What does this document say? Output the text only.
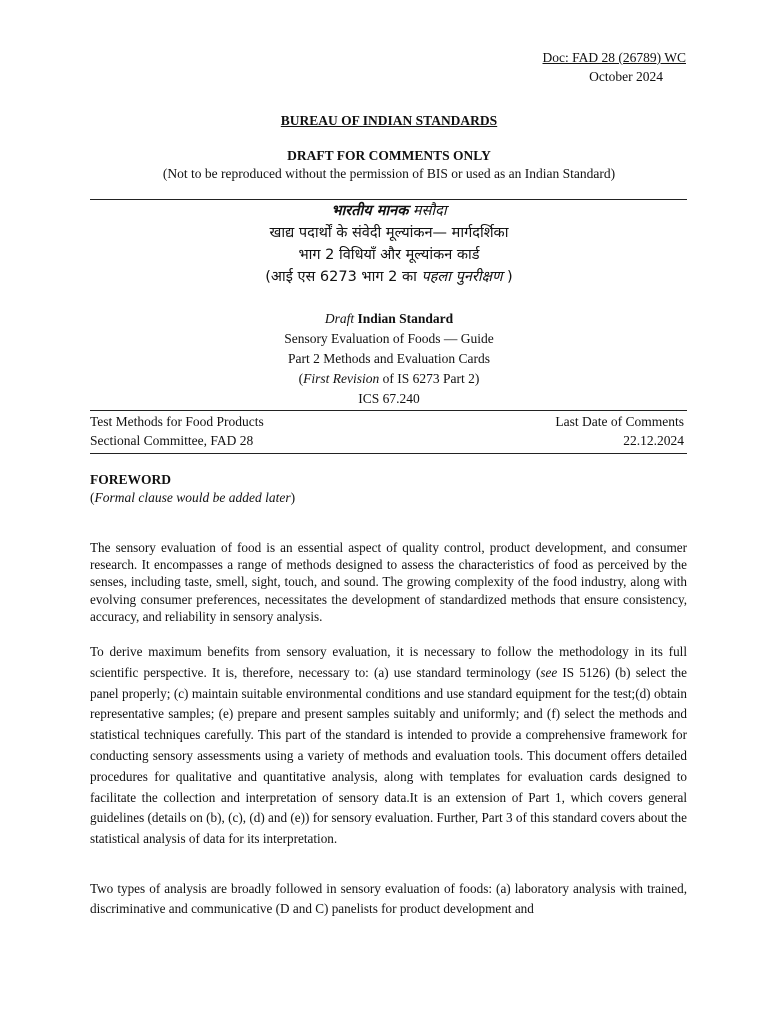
Doc: FAD 28 (26789) WC
October 2024
BUREAU OF INDIAN STANDARDS
DRAFT FOR COMMENTS ONLY
(Not to be reproduced without the permission of BIS or used as an Indian Standard)
भारतीय मानक मसौदा
खाद्य पदार्थों के संवेदी मूल्यांकन— मार्गदर्शिका
भाग 2 विधियाँ और मूल्यांकन कार्ड
(आई एस 6273 भाग 2 का पहला पुनरीक्षण )
Draft Indian Standard
Sensory Evaluation of Foods — Guide
Part 2 Methods and Evaluation Cards
(First Revision of IS 6273 Part 2)
ICS 67.240
Test Methods for Food Products
Sectional Committee, FAD 28
Last Date of Comments
22.12.2024
FOREWORD
(Formal clause would be added later)

The sensory evaluation of food is an essential aspect of quality control, product development, and consumer research. It encompasses a range of methods designed to assess the characteristics of food as perceived by the senses, including taste, smell, sight, touch, and sound. The growing complexity of the food industry, along with evolving consumer preferences, necessitates the development of standardized methods that ensure consistency, accuracy, and reliability in sensory analysis.

To derive maximum benefits from sensory evaluation, it is necessary to follow the methodology in its full scientific perspective. It is, therefore, necessary to: (a) use standard terminology (see IS 5126) (b) select the panel properly; (c) maintain suitable environmental conditions and use standard equipment for the test;(d) obtain representative samples; (e) prepare and present samples suitably and uniformly; and (f) select the methods and statistical techniques carefully. This part of the standard is intended to provide a comprehensive framework for conducting sensory assessments using a variety of methods and evaluation tools. This document offers detailed procedures for qualitative and quantitative analysis, along with templates for evaluation cards designed to facilitate the collection and interpretation of sensory data.It is an extension of Part 1, which covers general guidelines (details on (b), (c), (d) and (e)) for sensory evaluation. Further, Part 3 of this standard covers about the statistical analysis of data for its interpretation.

Two types of analysis are broadly followed in sensory evaluation of foods: (a) laboratory analysis with trained, discriminative and communicative (D and C) panelists for product development and
